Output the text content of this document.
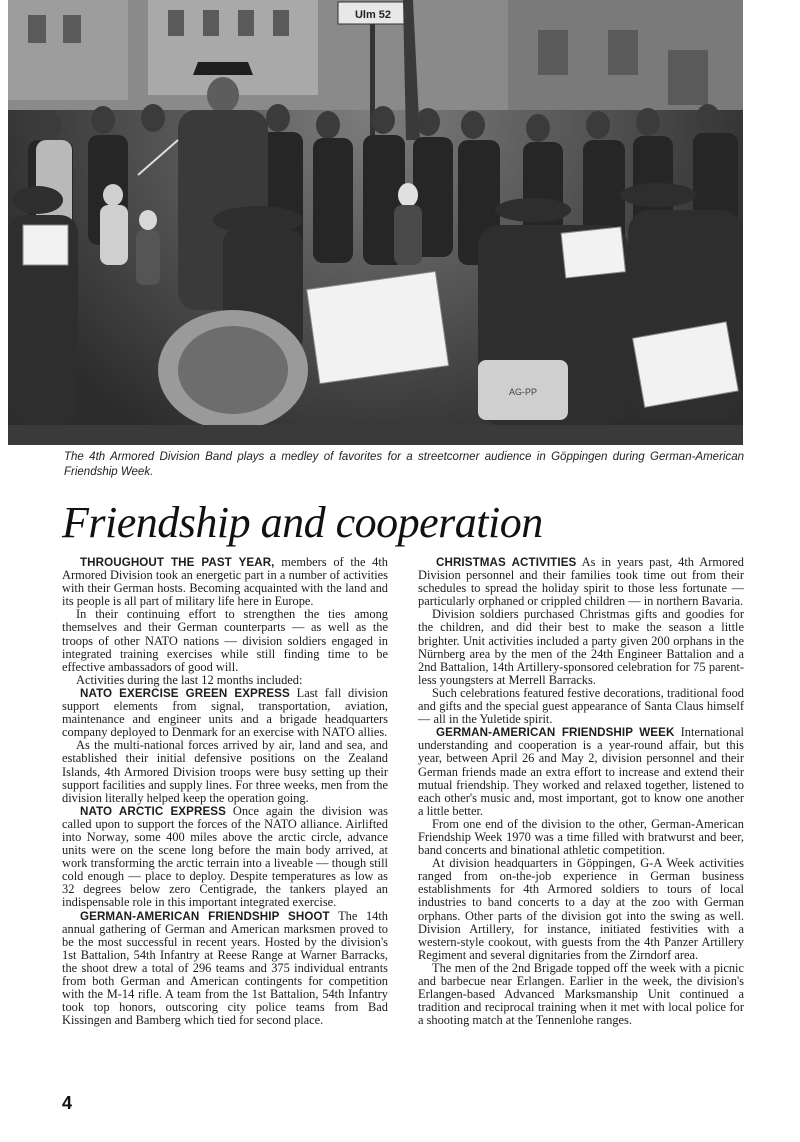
Ulm 52
AG-PP
The 4th Armored Division Band plays a medley of favorites for a streetcorner audience in Göppingen during German-American Friendship Week.
Friendship and cooperation

THROUGHOUT THE PAST YEAR, members of the 4th Armored Division took an energetic part in a number of activities with their German hosts. Becoming acquainted with the land and its people is all part of military life here in Europe.

In their continuing effort to strengthen the ties among themselves and their German counterparts — as well as the troops of other NATO nations — division soldiers engaged in integrated training exercises while still finding time to be effective ambassadors of good will.

Activities during the last 12 months included:

NATO EXERCISE GREEN EXPRESS Last fall division support elements from signal, transportation, aviation, maintenance and engineer units and a brigade headquarters company deployed to Denmark for an exercise with NATO allies.

As the multi-national forces arrived by air, land and sea, and established their initial defensive positions on the Zealand Islands, 4th Armored Division troops were busy setting up their support facilities and supply lines. For three weeks, men from the division literally helped keep the operation going.

NATO ARCTIC EXPRESS Once again the division was called upon to support the forces of the NATO alliance. Airlifted into Norway, some 400 miles above the arctic circle, advance units were on the scene long before the main body arrived, at work transforming the arctic terrain into a liveable — though still cold enough — place to deploy. Despite temperatures as low as 32 degrees below zero Centigrade, the tankers played an indispensable role in this important integrated exercise.

GERMAN-AMERICAN FRIENDSHIP SHOOT The 14th annual gathering of German and American marksmen proved to be the most successful in recent years. Hosted by the division's 1st Battalion, 54th Infantry at Reese Range at Warner Barracks, the shoot drew a total of 296 teams and 375 individual entrants from both German and American contingents for competition with the M-14 rifle. A team from the 1st Battalion, 54th Infantry took top honors, outscoring city police teams from Bad Kissingen and Bamberg which tied for second place.

CHRISTMAS ACTIVITIES As in years past, 4th Armored Division personnel and their families took time out from their schedules to spread the holiday spirit to those less fortunate — particularly orphaned or crippled children — in northern Bavaria.

Division soldiers purchased Christmas gifts and goodies for the children, and did their best to make the season a little brighter. Unit activities included a party given 200 orphans in the Nürnberg area by the men of the 24th Engineer Battalion and a 2nd Battalion, 14th Artillery-sponsored celebration for 75 parent-less youngsters at Merrell Barracks.

Such celebrations featured festive decorations, traditional food and gifts and the special guest appearance of Santa Claus himself — all in the Yuletide spirit.

GERMAN-AMERICAN FRIENDSHIP WEEK International understanding and cooperation is a year-round affair, but this year, between April 26 and May 2, division personnel and their German friends made an extra effort to increase and extend their mutual friendship. They worked and relaxed together, listened to each other's music and, most important, got to know one another a little better.

From one end of the division to the other, German-American Friendship Week 1970 was a time filled with bratwurst and beer, band concerts and binational athletic competition.

At division headquarters in Göppingen, G-A Week activities ranged from on-the-job experience in German business establishments for 4th Armored soldiers to tours of local industries to band concerts to a day at the zoo with German orphans. Other parts of the division got into the swing as well. Division Artillery, for instance, initiated festivities with a western-style cookout, with guests from the 4th Panzer Artillery Regiment and several dignitaries from the Zirndorf area.

The men of the 2nd Brigade topped off the week with a picnic and barbecue near Erlangen. Earlier in the week, the division's Erlangen-based Advanced Marksmanship Unit continued a tradition and reciprocal training when it met with local police for a shooting match at the Tennenlohe ranges.

4
